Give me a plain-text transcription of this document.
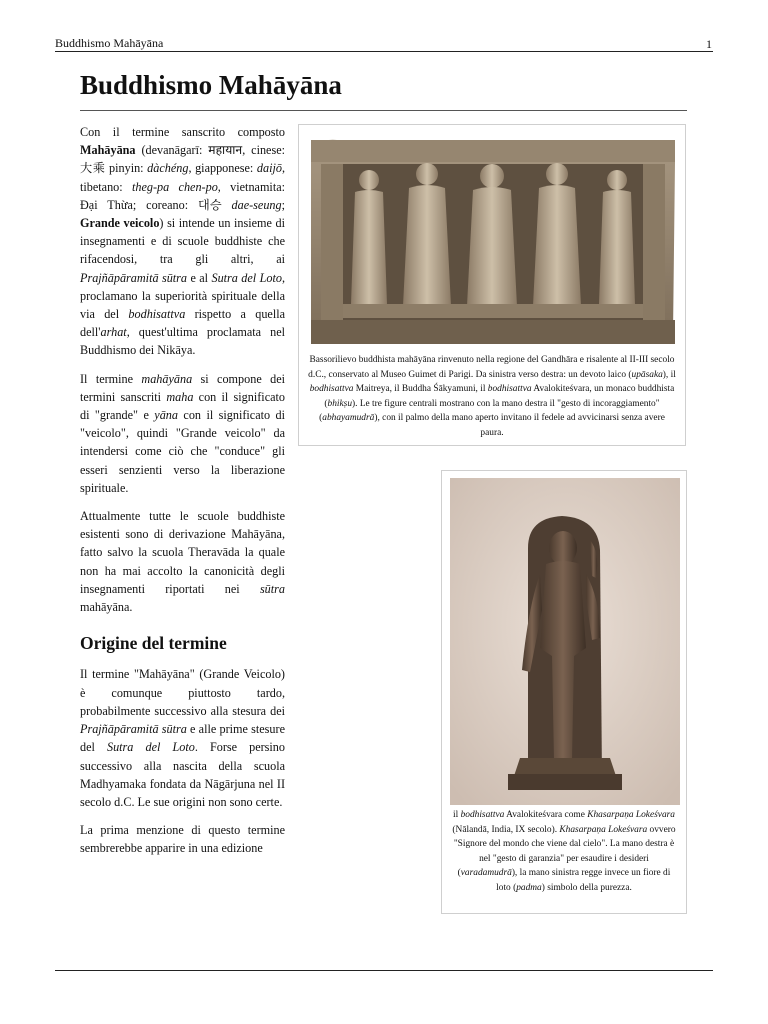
Buddhismo Mahāyāna	1
Buddhismo Mahāyāna

Con il termine sanscrito composto Mahāyāna (devanāgarī: महायान, cinese: 大乘 pinyin: dàchéng, giapponese: daijō, tibetano: theg-pa chen-po, vietnamita: Đại Thừa; coreano: 대승 dae-seung; Grande veicolo) si intende un insieme di insegnamenti e di scuole buddhiste che rifacendosi, tra gli altri, ai Prajñāpāramitā sūtra e al Sutra del Loto, proclamano la superiorità spirituale della via del bodhisattva rispetto a quella dell'arhat, quest'ultima proclamata nel Buddhismo dei Nikāya.

Il termine mahāyāna si compone dei termini sanscriti maha con il significato di "grande" e yāna con il significato di "veicolo", quindi "Grande veicolo" da intendersi come ciò che "conduce" gli esseri senzienti verso la liberazione spirituale.

Attualmente tutte le scuole buddhiste esistenti sono di derivazione Mahāyāna, fatto salvo la scuola Theravāda la quale non ha mai accolto la canonicità degli insegnamenti riportati nei sūtra mahāyāna.

Origine del termine

Il termine "Mahāyāna" (Grande Veicolo) è comunque piuttosto tardo, probabilmente successivo alla stesura dei Prajñāpāramitā sūtra e alle prime stesure del Sutra del Loto. Forse persino successivo alla nascita della scuola Madhyamaka fondata da Nāgārjuna nel II secolo d.C. Le sue origini non sono certe.

La prima menzione di questo termine sembrerebbe apparire in una edizione

Bassorilievo buddhista mahāyāna rinvenuto nella regione del Gandhāra e risalente al II-III secolo d.C., conservato al Museo Guimet di Parigi. Da sinistra verso destra: un devoto laico (upāsaka), il bodhisattva Maitreya, il Buddha Śākyamuni, il bodhisattva Avalokiteśvara, un monaco buddhista (bhikṣu). Le tre figure centrali mostrano con la mano destra il "gesto di incoraggiamento" (abhayamudrā), con il palmo della mano aperto invitano il fedele ad avvicinarsi senza avere paura.
il bodhisattva Avalokiteśvara come Khasarpaṇa Lokeśvara (Nālandā, India, IX secolo). Khasarpaṇa Lokeśvara ovvero "Signore del mondo che viene dal cielo". La mano destra è nel "gesto di garanzia" per esaudire i desideri (varadamudrā), la mano sinistra regge invece un fiore di loto (padma) simbolo della purezza.
